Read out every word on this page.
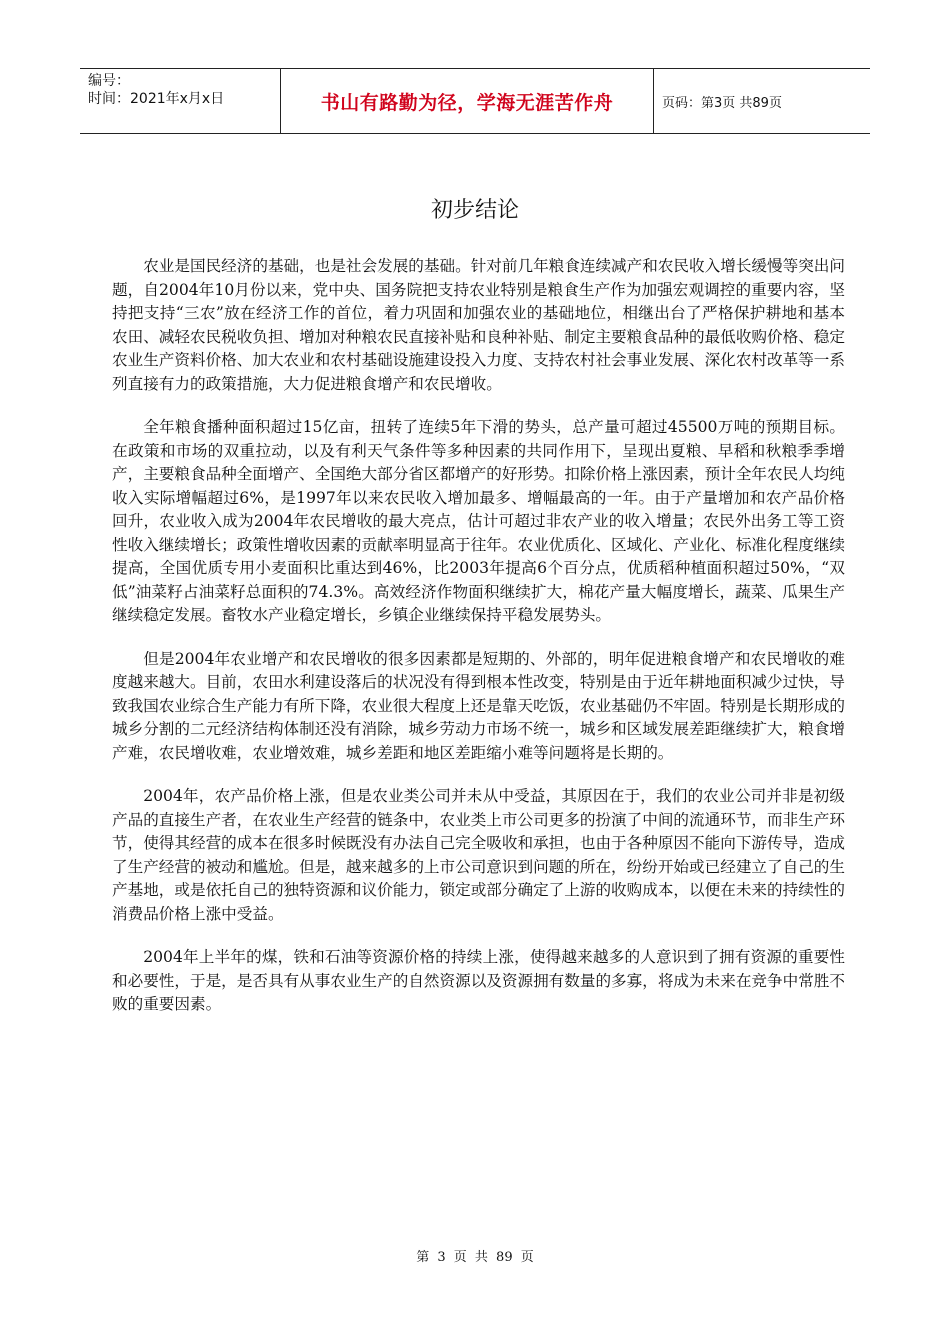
编号：
时间：2021年x月x日	书山有路勤为径，学海无涯苦作舟	页码：第3页 共89页
初步结论

农业是国民经济的基础，也是社会发展的基础。针对前几年粮食连续减产和农民收入增长缓慢等突出问题，自2004年10月份以来，党中央、国务院把支持农业特别是粮食生产作为加强宏观调控的重要内容，坚持把支持“三农”放在经济工作的首位，着力巩固和加强农业的基础地位，相继出台了严格保护耕地和基本农田、减轻农民税收负担、增加对种粮农民直接补贴和良种补贴、制定主要粮食品种的最低收购价格、稳定农业生产资料价格、加大农业和农村基础设施建设投入力度、支持农村社会事业发展、深化农村改革等一系列直接有力的政策措施，大力促进粮食增产和农民增收。

全年粮食播种面积超过15亿亩，扭转了连续5年下滑的势头，总产量可超过45500万吨的预期目标。在政策和市场的双重拉动，以及有利天气条件等多种因素的共同作用下，呈现出夏粮、早稻和秋粮季季增产，主要粮食品种全面增产、全国绝大部分省区都增产的好形势。扣除价格上涨因素，预计全年农民人均纯收入实际增幅超过6%，是1997年以来农民收入增加最多、增幅最高的一年。由于产量增加和农产品价格回升，农业收入成为2004年农民增收的最大亮点，估计可超过非农产业的收入增量；农民外出务工等工资性收入继续增长；政策性增收因素的贡献率明显高于往年。农业优质化、区域化、产业化、标准化程度继续提高，全国优质专用小麦面积比重达到46%，比2003年提高6个百分点，优质稻种植面积超过50%，“双低”油菜籽占油菜籽总面积的74.3%。高效经济作物面积继续扩大，棉花产量大幅度增长，蔬菜、瓜果生产继续稳定发展。畜牧水产业稳定增长，乡镇企业继续保持平稳发展势头。

但是2004年农业增产和农民增收的很多因素都是短期的、外部的，明年促进粮食增产和农民增收的难度越来越大。目前，农田水利建设落后的状况没有得到根本性改变，特别是由于近年耕地面积减少过快，导致我国农业综合生产能力有所下降，农业很大程度上还是靠天吃饭，农业基础仍不牢固。特别是长期形成的城乡分割的二元经济结构体制还没有消除，城乡劳动力市场不统一，城乡和区域发展差距继续扩大，粮食增产难，农民增收难，农业增效难，城乡差距和地区差距缩小难等问题将是长期的。

2004年，农产品价格上涨，但是农业类公司并未从中受益，其原因在于，我们的农业公司并非是初级产品的直接生产者，在农业生产经营的链条中，农业类上市公司更多的扮演了中间的流通环节，而非生产环节，使得其经营的成本在很多时候既没有办法自己完全吸收和承担，也由于各种原因不能向下游传导，造成了生产经营的被动和尴尬。但是，越来越多的上市公司意识到问题的所在，纷纷开始或已经建立了自己的生产基地，或是依托自己的独特资源和议价能力，锁定或部分确定了上游的收购成本，以便在未来的持续性的消费品价格上涨中受益。

2004年上半年的煤，铁和石油等资源价格的持续上涨，使得越来越多的人意识到了拥有资源的重要性和必要性，于是，是否具有从事农业生产的自然资源以及资源拥有数量的多寡，将成为未来在竞争中常胜不败的重要因素。

第 3 页 共 89 页
